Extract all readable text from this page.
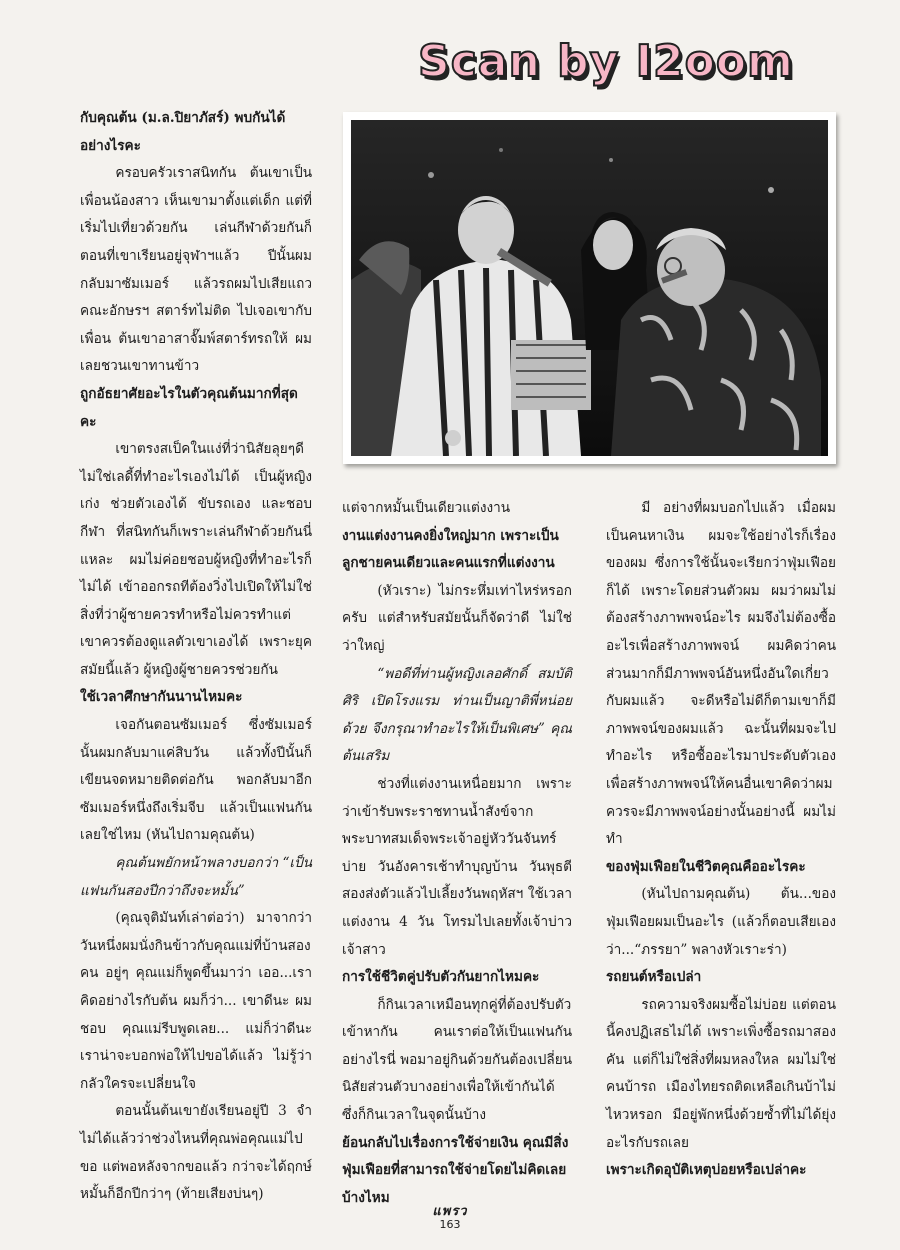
Scan by I2oom

กับคุณต้น (ม.ล.ปิยาภัสร์) พบกันได้อย่างไรคะ

ครอบครัวเราสนิทกัน ต้นเขาเป็นเพื่อนน้องสาว เห็นเขามาตั้งแต่เด็ก แต่ที่เริ่มไปเที่ยวด้วยกัน เล่นกีฬาด้วยกันก็ตอนที่เขาเรียนอยู่จุฬาฯแล้ว ปีนั้นผมกลับมาซัมเมอร์ แล้วรถผมไปเสียแถวคณะอักษรฯ สตาร์ทไม่ติด ไปเจอเขากับเพื่อน ต้นเขาอาสาจั๊มพ์สตาร์ทรถให้ ผมเลยชวนเขาทานข้าว

ถูกอัธยาศัยอะไรในตัวคุณต้นมากที่สุดคะ

เขาตรงสเป็คในแง่ที่ว่านิสัยลุยๆดีไม่ใช่เลดี้ที่ทำอะไรเองไม่ได้ เป็นผู้หญิงเก่ง ช่วยตัวเองได้ ขับรถเอง และชอบกีฬา ที่สนิทกันก็เพราะเล่นกีฬาด้วยกันนี่แหละ ผมไม่ค่อยชอบผู้หญิงที่ทำอะไรก็ไม่ได้ เข้าออกรถทีต้องวิ่งไปเปิดให้ไม่ใช่สิ่งที่ว่าผู้ชายควรทำหรือไม่ควรทำแต่เขาควรต้องดูแลตัวเขาเองได้ เพราะยุคสมัยนี้แล้ว ผู้หญิงผู้ชายควรช่วยกัน

ใช้เวลาศึกษากันนานไหมคะ

เจอกันตอนซัมเมอร์ ซึ่งซัมเมอร์นั้นผมกลับมาแค่สิบวัน แล้วทั้งปีนั้นก็เขียนจดหมายติดต่อกัน พอกลับมาอีกซัมเมอร์หนึ่งถึงเริ่มจีบ แล้วเป็นแฟนกันเลยใช่ไหม (หันไปถามคุณต้น)

คุณต้นพยักหน้าพลางบอกว่า “เป็นแฟนกันสองปีกว่าถึงจะหมั้น”

(คุณจุติมันท์เล่าต่อว่า) มาจากว่าวันหนึ่งผมนั่งกินข้าวกับคุณแม่ที่บ้านสองคน อยู่ๆ คุณแม่ก็พูดขึ้นมาว่า เออ...เราคิดอย่างไรกับต้น ผมก็ว่า... เขาดีนะ ผมชอบ คุณแม่รีบพูดเลย... แม่ก็ว่าดีนะ เราน่าจะบอกพ่อให้ไปขอได้แล้ว ไม่รู้ว่ากลัวใครจะเปลี่ยนใจ

ตอนนั้นต้นเขายังเรียนอยู่ปี 3 จำไม่ได้แล้วว่าช่วงไหนที่คุณพ่อคุณแม่ไปขอ แต่พอหลังจากขอแล้ว กว่าจะได้ฤกษ์หมั้นก็อีกปีกว่าๆ (ท้ายเสียงบ่นๆ)

แต่จากหมั้นเป็นเดียวแต่งงาน

งานแต่งงานคงยิ่งใหญ่มาก เพราะเป็นลูกชายคนเดียวและคนแรกที่แต่งงาน

(หัวเราะ) ไม่กระหึ่มเท่าไหร่หรอกครับ แต่สำหรับสมัยนั้นก็จัดว่าดี ไม่ใช่ว่าใหญ่

“พอดีที่ท่านผู้หญิงเลอศักดิ์ สมบัติศิริ เปิดโรงแรม ท่านเป็นญาติพี่หน่อยด้วย จึงกรุณาทำอะไรให้เป็นพิเศษ” คุณต้นเสริม

ช่วงที่แต่งงานเหนื่อยมาก เพราะว่าเข้ารับพระราชทานน้ำสังข์จากพระบาทสมเด็จพระเจ้าอยู่หัววันจันทร์บ่าย วันอังคารเช้าทำบุญบ้าน วันพุธตีสองส่งตัวแล้วไปเลี้ยงวันพฤหัสฯ ใช้เวลาแต่งงาน 4 วัน โทรมไปเลยทั้งเจ้าบ่าวเจ้าสาว

การใช้ชีวิตคู่ปรับตัวกันยากไหมคะ

ก็กินเวลาเหมือนทุกคู่ที่ต้องปรับตัวเข้าหากัน คนเราต่อให้เป็นแฟนกันอย่างไรนี่ พอมาอยู่กินด้วยกันต้องเปลี่ยนนิสัยส่วนตัวบางอย่างเพื่อให้เข้ากันได้ ซึ่งก็กินเวลาในจุดนั้นบ้าง

ย้อนกลับไปเรื่องการใช้จ่ายเงิน คุณมีสิ่งฟุ่มเฟือยที่สามารถใช้จ่ายโดยไม่คิดเลยบ้างไหม

มี อย่างที่ผมบอกไปแล้ว เมื่อผมเป็นคนหาเงิน ผมจะใช้อย่างไรก็เรื่องของผม ซึ่งการใช้นั้นจะเรียกว่าฟุ่มเฟือยก็ได้ เพราะโดยส่วนตัวผม ผมว่าผมไม่ต้องสร้างภาพพจน์อะไร ผมจึงไม่ต้องซื้ออะไรเพื่อสร้างภาพพจน์ ผมคิดว่าคนส่วนมากก็มีภาพพจน์อันหนึ่งอันใดเกี่ยวกับผมแล้ว จะดีหรือไม่ดีก็ตามเขาก็มีภาพพจน์ของผมแล้ว ฉะนั้นที่ผมจะไปทำอะไร หรือซื้ออะไรมาประดับตัวเองเพื่อสร้างภาพพจน์ให้คนอื่นเขาคิดว่าผมควรจะมีภาพพจน์อย่างนั้นอย่างนี้ ผมไม่ทำ

ของฟุ่มเฟือยในชีวิตคุณคืออะไรคะ

(หันไปถามคุณต้น) ต้น...ของฟุ่มเฟือยผมเป็นอะไร (แล้วก็ตอบเสียเองว่า...“ภรรยา” พลางหัวเราะร่า)

รถยนต์หรือเปล่า

รถความจริงผมซื้อไม่บ่อย แต่ตอนนี้คงปฏิเสธไม่ได้ เพราะเพิ่งซื้อรถมาสองคัน แต่ก็ไม่ใช่สิ่งที่ผมหลงใหล ผมไม่ใช่คนบ้ารถ เมืองไทยรถติดเหลือเกินบ้าไม่ไหวหรอก มีอยู่พักหนึ่งด้วยซ้ำที่ไม่ได้ยุ่งอะไรกับรถเลย

เพราะเกิดอุบัติเหตุบ่อยหรือเปล่าคะ

แพรว
163
